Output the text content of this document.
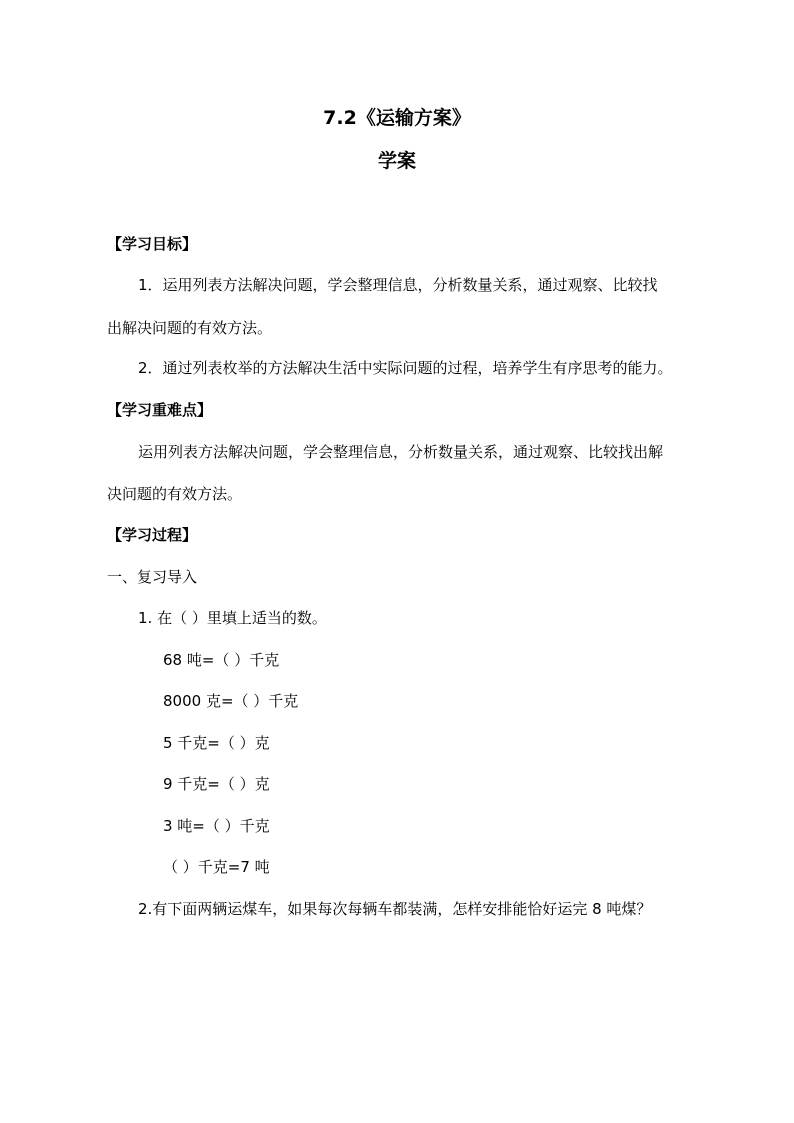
7.2《运输方案》
学案
【学习目标】
1．运用列表方法解决问题，学会整理信息，分析数量关系，通过观察、比较找
出解决问题的有效方法。
2．通过列表枚举的方法解决生活中实际问题的过程，培养学生有序思考的能力。
【学习重难点】
运用列表方法解决问题，学会整理信息，分析数量关系，通过观察、比较找出解
决问题的有效方法。
【学习过程】
一、复习导入
1. 在（ ）里填上适当的数。
68 吨=（ ）千克
8000 克=（ ）千克
5 千克=（ ）克
9 千克=（ ）克
3 吨=（ ）千克
（ ）千克=7 吨
2.有下面两辆运煤车，如果每次每辆车都装满，怎样安排能恰好运完 8 吨煤？
